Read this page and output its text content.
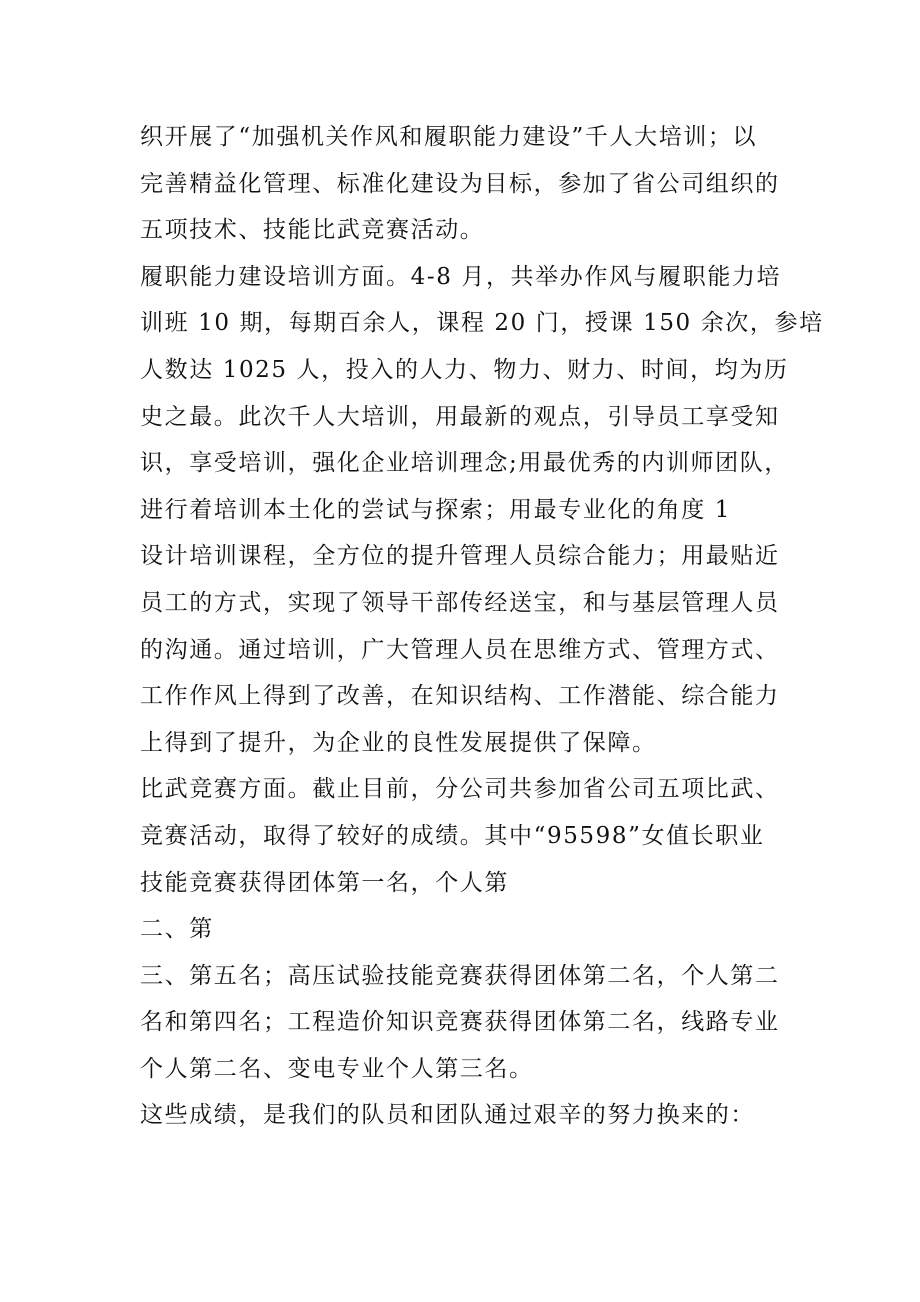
织开展了“加强机关作风和履职能力建设”千人大培训；以

完善精益化管理、标准化建设为目标，参加了省公司组织的

五项技术、技能比武竞赛活动。

履职能力建设培训方面。4-8 月，共举办作风与履职能力培

训班 10 期，每期百余人，课程 20 门，授课 150 余次，参培

人数达 1025 人，投入的人力、物力、财力、时间，均为历

史之最。此次千人大培训，用最新的观点，引导员工享受知

识，享受培训，强化企业培训理念;用最优秀的内训师团队，

进行着培训本土化的尝试与探索；用最专业化的角度 1

设计培训课程，全方位的提升管理人员综合能力；用最贴近

员工的方式，实现了领导干部传经送宝，和与基层管理人员

的沟通。通过培训，广大管理人员在思维方式、管理方式、

工作作风上得到了改善，在知识结构、工作潜能、综合能力

上得到了提升，为企业的良性发展提供了保障。

比武竞赛方面。截止目前，分公司共参加省公司五项比武、

竞赛活动，取得了较好的成绩。其中“95598”女值长职业

技能竞赛获得团体第一名，个人第

二、第

三、第五名；高压试验技能竞赛获得团体第二名，个人第二

名和第四名；工程造价知识竞赛获得团体第二名，线路专业

个人第二名、变电专业个人第三名。

这些成绩，是我们的队员和团队通过艰辛的努力换来的：
